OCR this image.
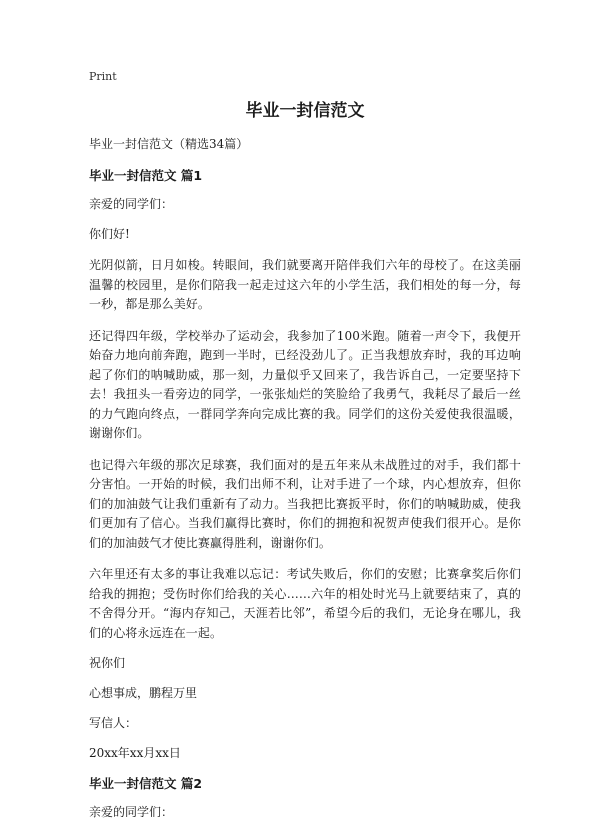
Print
毕业一封信范文
毕业一封信范文（精选34篇）
毕业一封信范文 篇1
亲爱的同学们：
你们好!
光阴似箭，日月如梭。转眼间，我们就要离开陪伴我们六年的母校了。在这美丽温馨的校园里，是你们陪我一起走过这六年的小学生活，我们相处的每一分，每一秒，都是那么美好。
还记得四年级，学校举办了运动会，我参加了100米跑。随着一声令下，我便开始奋力地向前奔跑，跑到一半时，已经没劲儿了。正当我想放弃时，我的耳边响起了你们的呐喊助威，那一刻，力量似乎又回来了，我告诉自己，一定要坚持下去！我扭头一看旁边的同学，一张张灿烂的笑脸给了我勇气，我耗尽了最后一丝的力气跑向终点，一群同学奔向完成比赛的我。同学们的这份关爱使我很温暖，谢谢你们。
也记得六年级的那次足球赛，我们面对的是五年来从未战胜过的对手，我们都十分害怕。一开始的时候，我们出师不利，让对手进了一个球，内心想放弃，但你们的加油鼓气让我们重新有了动力。当我把比赛扳平时，你们的呐喊助威，使我们更加有了信心。当我们赢得比赛时，你们的拥抱和祝贺声使我们很开心。是你们的加油鼓气才使比赛赢得胜利，谢谢你们。
六年里还有太多的事让我难以忘记：考试失败后，你们的安慰；比赛拿奖后你们给我的拥抱；受伤时你们给我的关心……六年的相处时光马上就要结束了，真的不舍得分开。“海内存知己，天涯若比邻”，希望今后的我们，无论身在哪儿，我们的心将永远连在一起。
祝你们
心想事成，鹏程万里
写信人：
20xx年xx月xx日
毕业一封信范文 篇2
亲爱的同学们：
